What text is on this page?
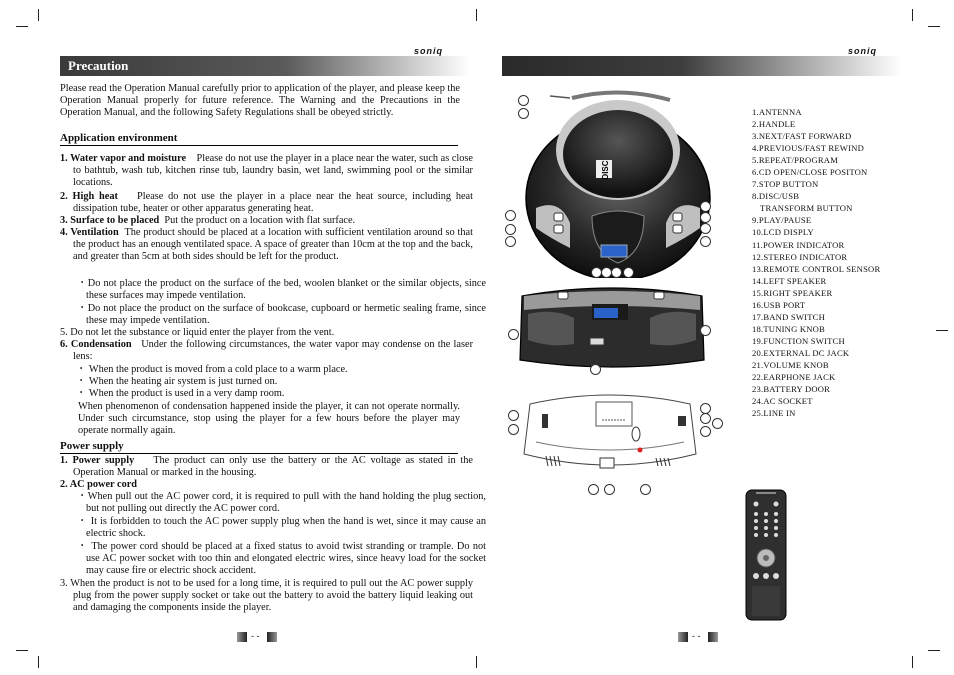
soniq
Precaution
Please read the Operation Manual carefully prior to application of the player, and please keep the Operation Manual properly for future reference. The Warning and the Precautions in the Operation Manual, and the following Safety Regulations shall be obeyed strictly.
Application environment
1. Water vapor and moisture Please do not use the player in a place near the water, such as close to bathtub, wash tub, kitchen rinse tub, laundry basin, wet land, swimming pool or the similar locations.
2. High heat Please do not use the player in a place near the heat source, including heat dissipation tube, heater or other apparatus generating heat.
3. Surface to be placed Put the product on a location with flat surface.
4. Ventilation The product should be placed at a location with sufficient ventilation around so that the product has an enough ventilated space. A space of greater than 10cm at the top and the back, and greater than 5cm at both sides should be left for the product.
・Do not place the product on the surface of the bed, woolen blanket or the similar objects, since these surfaces may impede ventilation.
・Do not place the product on the surface of bookcase, cupboard or hermetic sealing frame, since these may impede ventilation.
5. Do not let the substance or liquid enter the player from the vent.
6. Condensation Under the following circumstances, the water vapor may condense on the laser lens:
・ When the product is moved from a cold place to a warm place.
・ When the heating air system is just turned on.
・ When the product is used in a very damp room.
When phenomenon of condensation happened inside the player, it can not operate normally. Under such circumstance, stop using the player for a few hours before the player may operate normally again.
Power supply
1. Power supply The product can only use the battery or the AC voltage as stated in the Operation Manual or marked in the housing.
2. AC power cord
・When pull out the AC power cord, it is required to pull with the hand holding the plug section, but not pulling out directly the AC power cord.
・ It is forbidden to touch the AC power supply plug when the hand is wet, since it may cause an electric shock.
・ The power cord should be placed at a fixed status to avoid twist stranding or trample. Do not use AC power socket with too thin and elongated electric wires, since heavy load for the socket may cause fire or electric shock accident.
3. When the product is not to be used for a long time, it is required to pull out the AC power supply plug from the power supply socket or take out the battery to avoid the battery liquid leaking out and damaging the components inside the player.
- -
soniq
DISC
1.ANTENNA
2.HANDLE
3.NEXT/FAST FORWARD
4.PREVIOUS/FAST REWIND
5.REPEAT/PROGRAM
6.CD OPEN/CLOSE POSITON
7.STOP BUTTON
8.DISC/USB
TRANSFORM BUTTON
9.PLAY/PAUSE
10.LCD DISPLY
11.POWER INDICATOR
12.STEREO INDICATOR
13.REMOTE CONTROL SENSOR
14.LEFT SPEAKER
15.RIGHT SPEAKER
16.USB PORT
17.BAND SWITCH
18.TUNING KNOB
19.FUNCTION SWITCH
20.EXTERNAL DC JACK
21.VOLUME KNOB
22.EARPHONE JACK
23.BATTERY DOOR
24.AC SOCKET
25.LINE IN
- -
